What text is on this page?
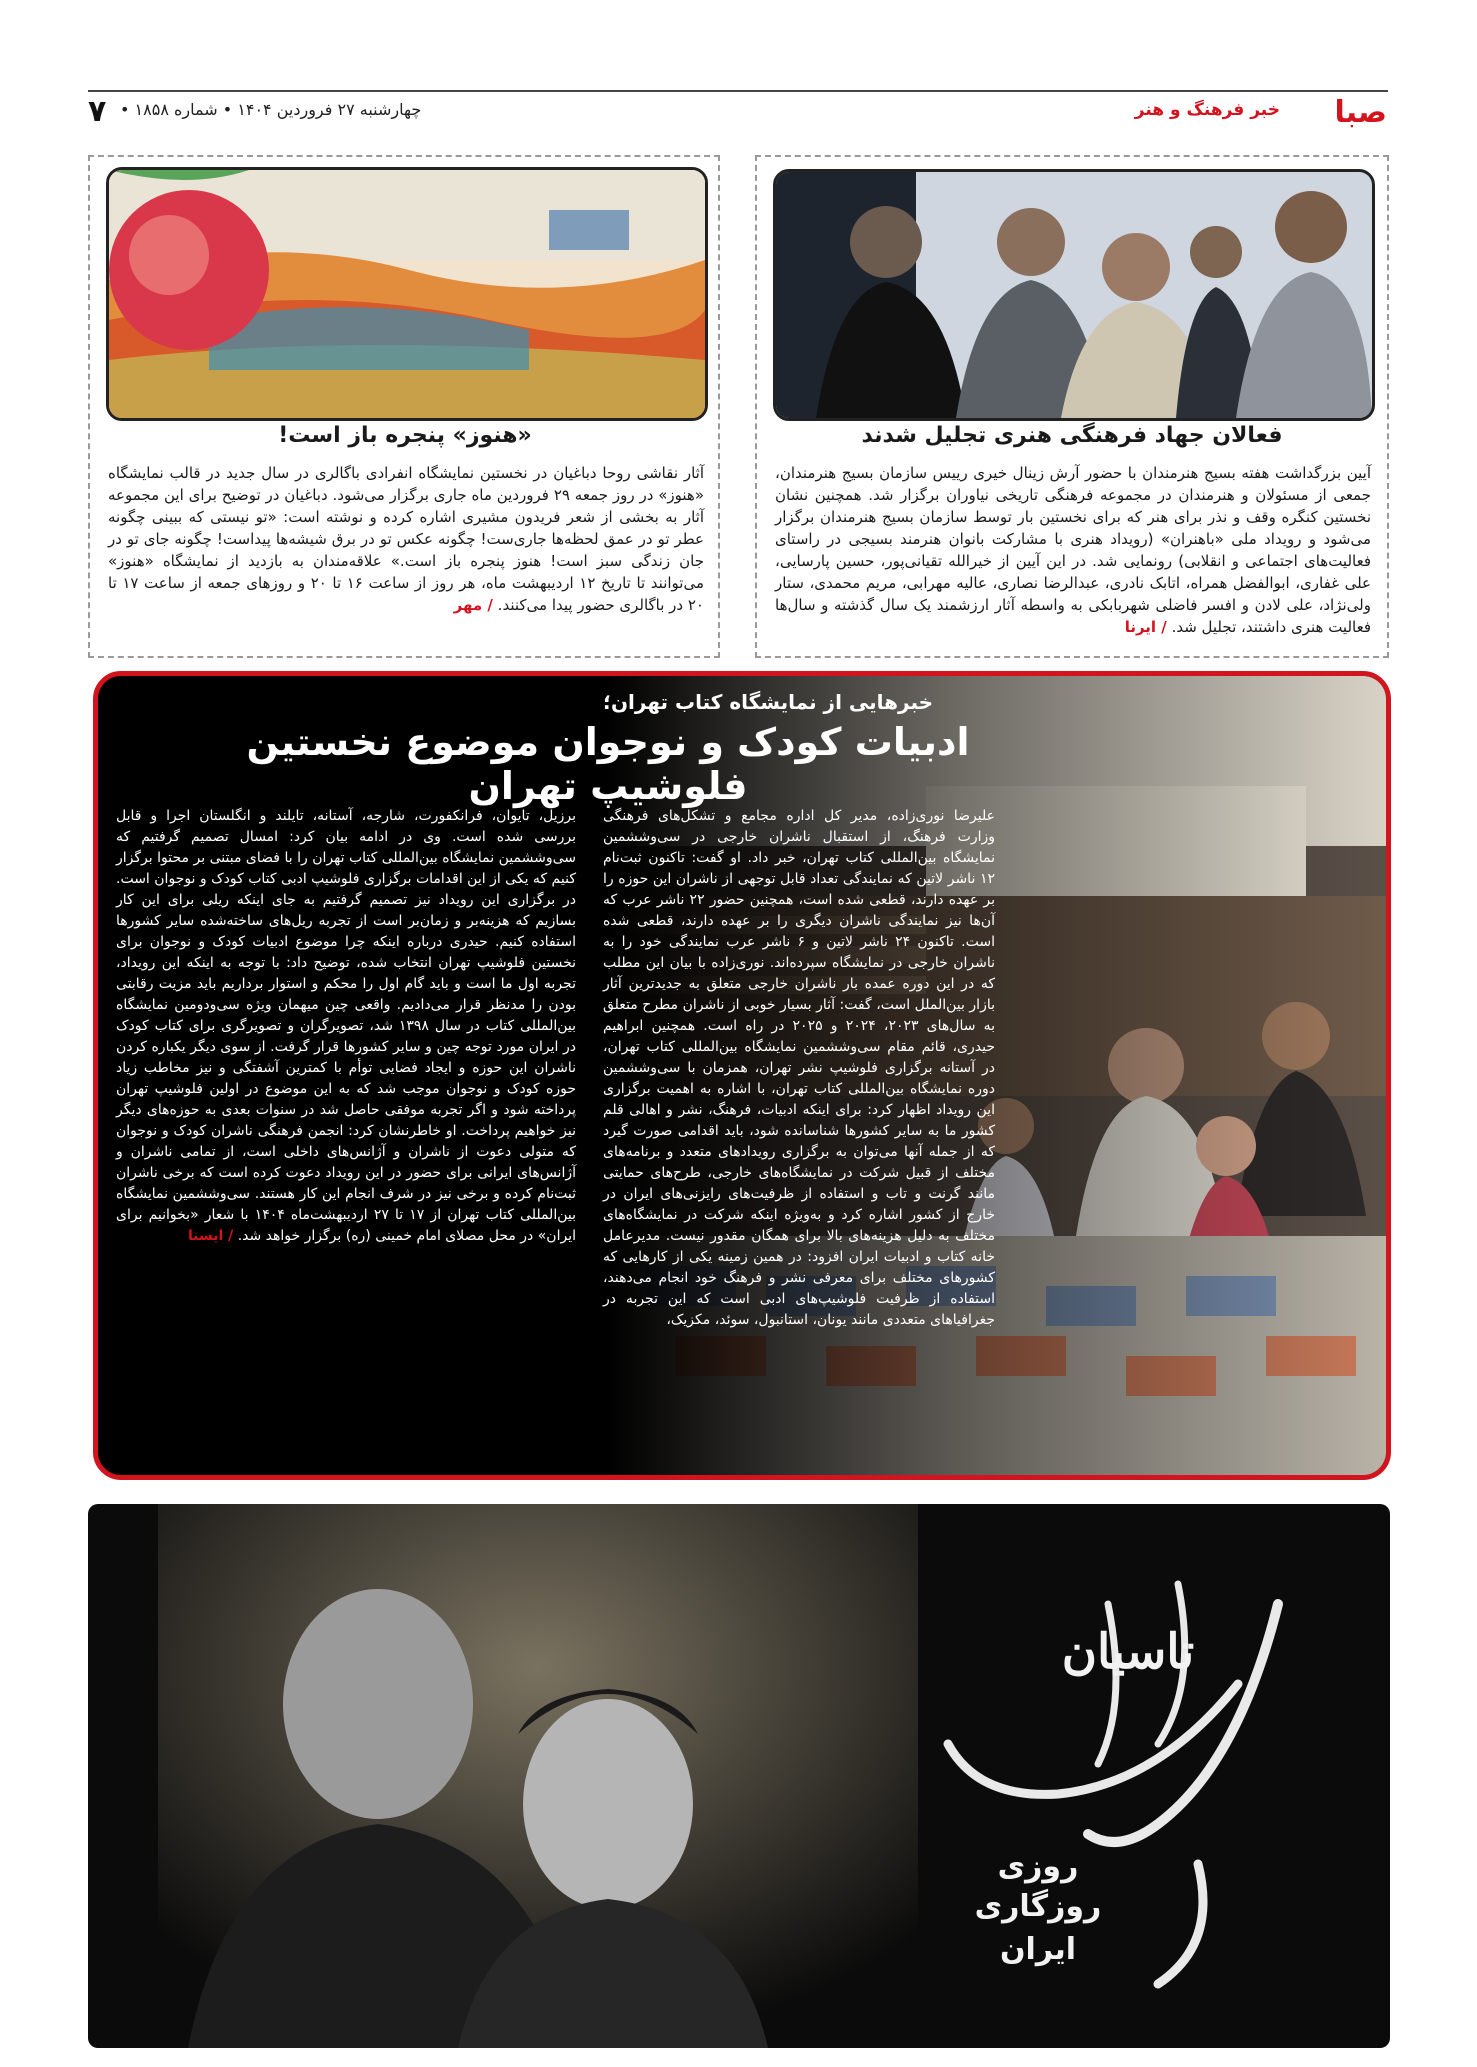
صبا
خبر فرهنگ و هنر
چهارشنبه ۲۷ فروردین ۱۴۰۴ • شماره ۱۸۵۸ •
۷
فعالان جهاد فرهنگی هنری تجلیل شدند
آیین بزرگداشت هفته بسیج هنرمندان با حضور آرش زینال خیری رییس سازمان بسیج هنرمندان، جمعی از مسئولان و هنرمندان در مجموعه فرهنگی تاریخی نیاوران برگزار شد. همچنین نشان نخستین کنگره وقف و نذر برای هنر که برای نخستین بار توسط سازمان بسیج هنرمندان برگزار می‌شود و رویداد ملی «باهنران» (رویداد هنری با مشارکت بانوان هنرمند بسیجی در راستای فعالیت‌های اجتماعی و انقلابی) رونمایی شد. در این آیین از خیرالله تقیانی‌پور، حسین پارسایی، علی غفاری، ابوالفضل همراه، اتابک نادری، عبدالرضا نصاری، عالیه مهرابی، مریم محمدی، ستار ولی‌نژاد، علی لادن و افسر فاضلی شهربابکی به واسطه آثار ارزشمند یک سال گذشته و سال‌ها فعالیت هنری داشتند، تجلیل شد. / ایرنا
«هنوز» پنجره باز است!
آثار نقاشی روحا دباغیان در نخستین نمایشگاه انفرادی باگالری در سال جدید در قالب نمایشگاه «هنوز» در روز جمعه ۲۹ فروردین ماه جاری برگزار می‌شود. دباغیان در توضیح برای این مجموعه آثار به بخشی از شعر فریدون مشیری اشاره کرده و نوشته است: «تو نیستی که ببینی چگونه عطر تو در عمق لحظه‌ها جاری‌ست! چگونه عکس تو در برق شیشه‌ها پیداست! چگونه جای تو در جان زندگی سبز است! هنوز پنجره باز است.» علاقه‌مندان به بازدید از نمایشگاه «هنوز» می‌توانند تا تاریخ ۱۲ اردیبهشت ماه، هر روز از ساعت ۱۶ تا ۲۰ و روزهای جمعه از ساعت ۱۷ تا ۲۰ در باگالری حضور پیدا می‌کنند. / مهر
خبرهایی از نمایشگاه کتاب تهران؛
ادبیات کودک و نوجوان موضوع نخستین فلوشیپ تهران
علیرضا نوری‌زاده، مدیر کل اداره مجامع و تشکل‌های فرهنگی وزارت فرهنگ، از استقبال ناشران خارجی در سی‌وششمین نمایشگاه بین‌المللی کتاب تهران، خبر داد. او گفت: تاکنون ثبت‌نام ۱۲ ناشر لاتین که نمایندگی تعداد قابل توجهی از ناشران این حوزه را بر عهده دارند، قطعی شده است، همچنین حضور ۲۲ ناشر عرب که آن‌ها نیز نمایندگی ناشران دیگری را بر عهده دارند، قطعی شده است. تاکنون ۲۴ ناشر لاتین و ۶ ناشر عرب نمایندگی خود را به ناشران خارجی در نمایشگاه سپرده‌اند. نوری‌زاده با بیان این مطلب که در این دوره عمده بار ناشران خارجی متعلق به جدیدترین آثار بازار بین‌الملل است، گفت: آثار بسیار خوبی از ناشران مطرح متعلق به سال‌های ۲۰۲۳، ۲۰۲۴ و ۲۰۲۵ در راه است. همچنین ابراهیم حیدری، قائم مقام سی‌وششمین نمایشگاه بین‌المللی کتاب تهران، در آستانه برگزاری فلوشیپ نشر تهران، همزمان با سی‌وششمین دوره نمایشگاه بین‌المللی کتاب تهران، با اشاره به اهمیت برگزاری این رویداد اظهار کرد: برای اینکه ادبیات، فرهنگ، نشر و اهالی قلم کشور ما به سایر کشورها شناسانده شود، باید اقدامی صورت گیرد که از جمله آنها می‌توان به برگزاری رویدادهای متعدد و برنامه‌های مختلف از قبیل شرکت در نمایشگاه‌های خارجی، طرح‌های حمایتی مانند گرنت و تاب و استفاده از ظرفیت‌های رایزنی‌های ایران در خارج از کشور اشاره کرد و به‌ویژه اینکه شرکت در نمایشگاه‌های مختلف به دلیل هزینه‌های بالا برای همگان مقدور نیست. مدیرعامل خانه کتاب و ادبیات ایران افزود: در همین زمینه یکی از کارهایی که کشورهای مختلف برای معرفی نشر و فرهنگ خود انجام می‌دهند، استفاده از ظرفیت فلوشیپ‌های ادبی است که این تجربه در جغرافیاهای متعددی مانند یونان، استانبول، سوئد، مکزیک،
برزیل، تایوان، فرانکفورت، شارجه، آستانه، تایلند و انگلستان اجرا و قابل بررسی شده است. وی در ادامه بیان کرد: امسال تصمیم گرفتیم که سی‌وششمین نمایشگاه بین‌المللی کتاب تهران را با فضای مبتنی بر محتوا برگزار کنیم که یکی از این اقدامات برگزاری فلوشیپ ادبی کتاب کودک و نوجوان است. در برگزاری این رویداد نیز تصمیم گرفتیم به جای اینکه ریلی برای این کار بسازیم که هزینه‌بر و زمان‌بر است از تجربه ریل‌های ساخته‌شده سایر کشورها استفاده کنیم. حیدری درباره اینکه چرا موضوع ادبیات کودک و نوجوان برای نخستین فلوشیپ تهران انتخاب شده، توضیح داد: با توجه به اینکه این رویداد، تجربه اول ما است و باید گام اول را محکم و استوار برداریم باید مزیت رقابتی بودن را مدنظر قرار می‌دادیم. واقعی چین میهمان ویژه سی‌ودومین نمایشگاه بین‌المللی کتاب در سال ۱۳۹۸ شد، تصویرگران و تصویرگری برای کتاب کودک در ایران مورد توجه چین و سایر کشورها قرار گرفت. از سوی دیگر یکباره کردن ناشران این حوزه و ایجاد فضایی توأم با کمترین آشفتگی و نیز مخاطب زیاد حوزه کودک و نوجوان موجب شد که به این موضوع در اولین فلوشیپ تهران پرداخته شود و اگر تجربه موفقی حاصل شد در سنوات بعدی به حوزه‌های دیگر نیز خواهیم پرداخت. او خاطرنشان کرد: انجمن فرهنگی ناشران کودک و نوجوان که متولی دعوت از ناشران و آژانس‌های داخلی است، از تمامی ناشران و آژانس‌های ایرانی برای حضور در این رویداد دعوت کرده است که برخی ناشران ثبت‌نام کرده و برخی نیز در شرف انجام این کار هستند. سی‌وششمین نمایشگاه بین‌المللی کتاب تهران از ۱۷ تا ۲۷ اردیبهشت‌ماه ۱۴۰۴ با شعار «بخوانیم برای ایران» در محل مصلای امام خمینی (ره) برگزار خواهد شد. / ایسنا
تاسیان
روزی
روزگاری
ایران
